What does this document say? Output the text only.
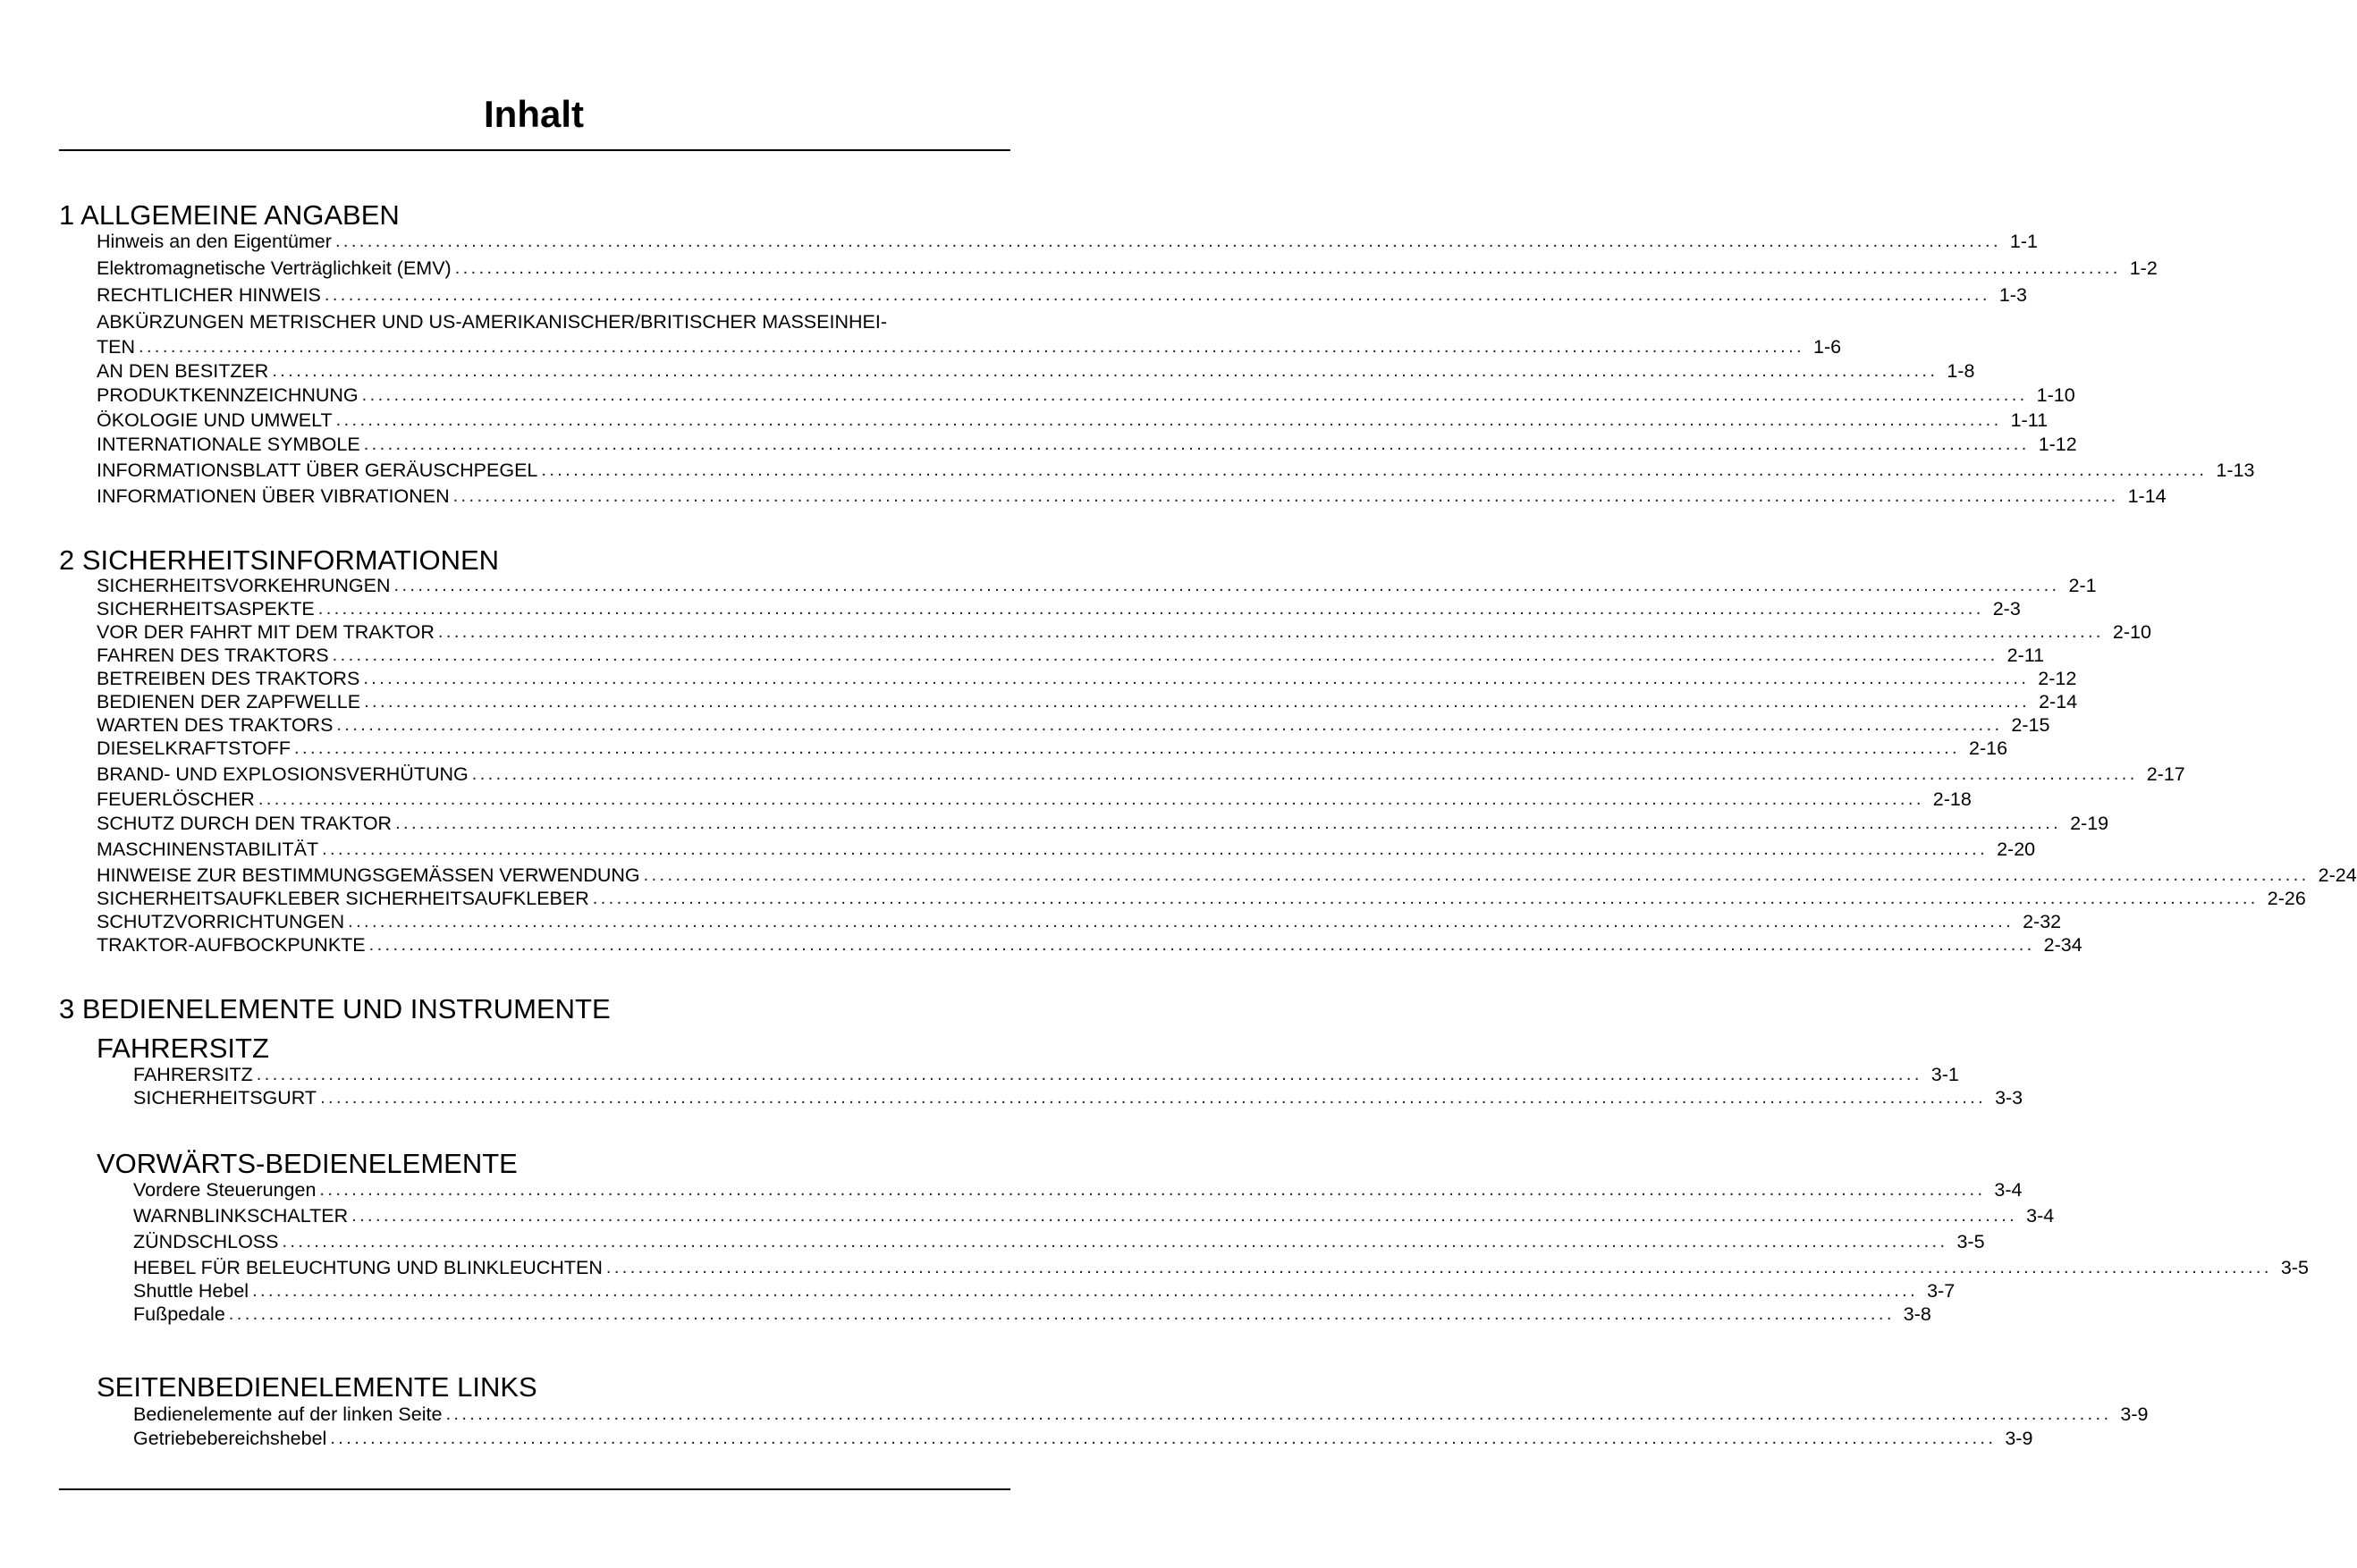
Inhalt
1 ALLGEMEINE ANGABEN
Hinweis an den Eigentümer ................................................................................................................................................................................................................ 1-1
Elektromagnetische Verträglichkeit (EMV) ................................................................................................................................................................................................................ 1-2
RECHTLICHER HINWEIS ................................................................................................................................................................................................................ 1-3
ABKÜRZUNGEN METRISCHER UND US-AMERIKANISCHER/BRITISCHER MASSEINHEI-
TEN ................................................................................................................................................................................................................ 1-6
AN DEN BESITZER ................................................................................................................................................................................................................ 1-8
PRODUKTKENNZEICHNUNG ................................................................................................................................................................................................................ 1-10
ÖKOLOGIE UND UMWELT ................................................................................................................................................................................................................ 1-11
INTERNATIONALE SYMBOLE ................................................................................................................................................................................................................ 1-12
INFORMATIONSBLATT ÜBER GERÄUSCHPEGEL ................................................................................................................................................................................................................ 1-13
INFORMATIONEN ÜBER VIBRATIONEN ................................................................................................................................................................................................................ 1-14
2 SICHERHEITSINFORMATIONEN
SICHERHEITSVORKEHRUNGEN ................................................................................................................................................................................................................ 2-1
SICHERHEITSASPEKTE ................................................................................................................................................................................................................ 2-3
VOR DER FAHRT MIT DEM TRAKTOR ................................................................................................................................................................................................................ 2-10
FAHREN DES TRAKTORS ................................................................................................................................................................................................................ 2-11
BETREIBEN DES TRAKTORS ................................................................................................................................................................................................................ 2-12
BEDIENEN DER ZAPFWELLE ................................................................................................................................................................................................................ 2-14
WARTEN DES TRAKTORS ................................................................................................................................................................................................................ 2-15
DIESELKRAFTSTOFF ................................................................................................................................................................................................................ 2-16
BRAND- UND EXPLOSIONSVERHÜTUNG ................................................................................................................................................................................................................ 2-17
FEUERLÖSCHER ................................................................................................................................................................................................................ 2-18
SCHUTZ DURCH DEN TRAKTOR ................................................................................................................................................................................................................ 2-19
MASCHINENSTABILITÄT ................................................................................................................................................................................................................ 2-20
HINWEISE ZUR BESTIMMUNGSGEMÄSSEN VERWENDUNG ................................................................................................................................................................................................................ 2-24
SICHERHEITSAUFKLEBER SICHERHEITSAUFKLEBER ................................................................................................................................................................................................................ 2-26
SCHUTZVORRICHTUNGEN ................................................................................................................................................................................................................ 2-32
TRAKTOR-AUFBOCKPUNKTE ................................................................................................................................................................................................................ 2-34
3 BEDIENELEMENTE UND INSTRUMENTE
FAHRERSITZ
FAHRERSITZ ................................................................................................................................................................................................................ 3-1
SICHERHEITSGURT ................................................................................................................................................................................................................ 3-3
VORWÄRTS-BEDIENELEMENTE
Vordere Steuerungen ................................................................................................................................................................................................................ 3-4
WARNBLINKSCHALTER ................................................................................................................................................................................................................ 3-4
ZÜNDSCHLOSS ................................................................................................................................................................................................................ 3-5
HEBEL FÜR BELEUCHTUNG UND BLINKLEUCHTEN ................................................................................................................................................................................................................ 3-5
Shuttle Hebel ................................................................................................................................................................................................................ 3-7
Fußpedale ................................................................................................................................................................................................................ 3-8
SEITENBEDIENELEMENTE LINKS
Bedienelemente auf der linken Seite ................................................................................................................................................................................................................ 3-9
Getriebebereichshebel ................................................................................................................................................................................................................ 3-9
